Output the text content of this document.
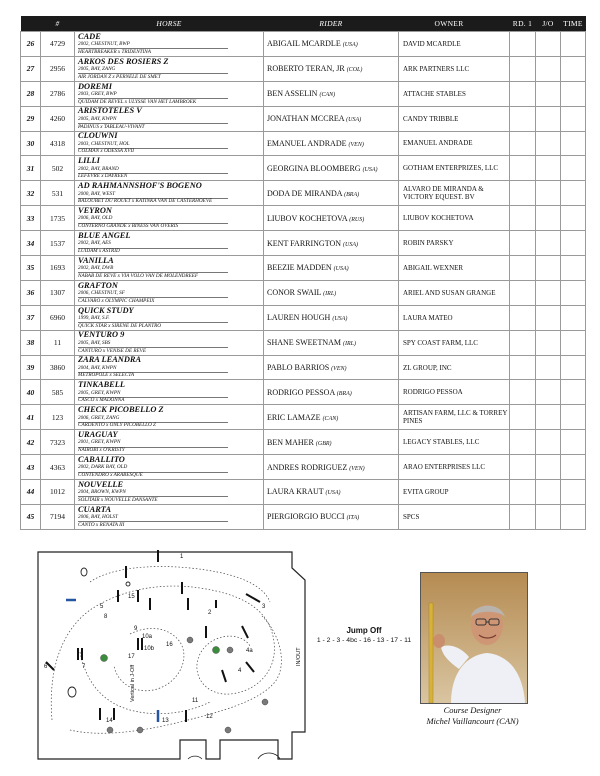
	#	HORSE	RIDER	OWNER	RD. 1	J/O	TIME
26	4729	CADE
2002, CHESTNUT, BWP
HEARTBREAKER x TRIDENTINA	ABIGAIL MCARDLE (USA)	DAVID MCARDLE			
27	2956	ARKOS DES ROSIERS Z
2005, BAY, ZANG
AIR JORDAN Z x PERNELE DE SMET	ROBERTO TERAN, JR (COL)	ARK PARTNERS LLC			
28	2786	DOREMI
2003, GREY, BWP
QUIDAM DE REVEL x ULYSSE VAN HET LAMBROEK	BEN ASSELIN (CAN)	ATTACHE STABLES			
29	4260	ARISTOTELES V
2005, BAY, KWPN
PADINUS x TABLEAU-VIVANT	JONATHAN MCCREA (USA)	CANDY TRIBBLE			
30	4318	CLOUWNI
2003, CHESTNUT, HOL
COLMAN x ODESSA XVII	EMANUEL ANDRADE (VEN)	EMANUEL ANDRADE			
31	502	LILLI
2002, BAY, BRAND
LEFEVRE x DAYREEN	GEORGINA BLOOMBERG (USA)	GOTHAM ENTERPRIZES, LLC			
32	531	AD RAHMANNSHOF'S BOGENO
2000, BAY, WEST
BALOUBET DU ROUET x KATINKA VAN DE CASTERHOEVE	DODA DE MIRANDA (BRA)	ALVARO DE MIRANDA & VICTORY EQUEST. BV			
33	1735	VEYRON
2006, BAY, OLD
CONTERNO GRANDE x BINESS VAN OVERIS	LIUBOV KOCHETOVA (RUS)	LIUBOV KOCHETOVA			
34	1537	BLUE ANGEL
2002, BAY, AES
LUIDAM x ASTRID	KENT FARRINGTON (USA)	ROBIN PARSKY			
35	1693	VANILLA
2002, BAY, DWB
NABAB DE REVE x VIA VOLO VAN DE MOLENDREEF	BEEZIE MADDEN (USA)	ABIGAIL WEXNER			
36	1307	GRAFTON
2006, CHESTNUT, SF
CALVARO x OLYMPIC CHAMPEIX	CONOR SWAIL (IRL)	ARIEL AND SUSAN GRANGE			
37	6960	QUICK STUDY
1999, BAY, S.F.
QUICK STAR x SIRENE DE PLANTRO	LAUREN HOUGH (USA)	LAURA MATEO			
38	11	VENTURO 9
2005, BAY, SBS
CANTURO x VENISE DE REVE	SHANE SWEETNAM (IRL)	SPY COAST FARM, LLC			
39	3860	ZARA LEANDRA
2004, BAY, KWPN
METROPOLE x SELECTA	PABLO BARRIOS (VEN)	ZL GROUP, INC			
40	585	TINKABELL
2005, GREY, KWPN
CASCO x MADONNA	RODRIGO PESSOA (BRA)	RODRIGO PESSOA			
41	123	CHECK PICOBELLO Z
2006, GREY, ZANG
CARDENTO x ONLY PICOBELLO Z	ERIC LAMAZE (CAN)	ARTISAN FARM, LLC & TORREY PINES			
42	7323	URAGUAY
2001, GREY, KWPN
NAIROBI x O'KRISTY	BEN MAHER (GBR)	LEGACY STABLES, LLC			
43	4363	CABALLITO
2002, DARK BAY, OLD
CONTENDRO x ARABESQUE	ANDRES RODRIGUEZ (VEN)	ARAO ENTERPRISES LLC			
44	1012	NOUVELLE
2004, BROWN, KWPN
SOLITAIR x NOUVELLE DANSANTE	LAURA KRAUT (USA)	EVITA GROUP			
45	7194	CUARTA
2006, BAY, HOLST
CANTO x RENATA III	PIERGIORGIO BUCCI (ITA)	SPCS			
1
2
3
4
4a
5
6	7
8
9
10a
10b
11
12
13
14
15
16
17
Vertical in J-Off
IN/OUT
Jump Off
1 - 2 - 3 - 4bc - 16 - 13 - 17 - 11
Course Designer
Michel Vaillancourt (CAN)
